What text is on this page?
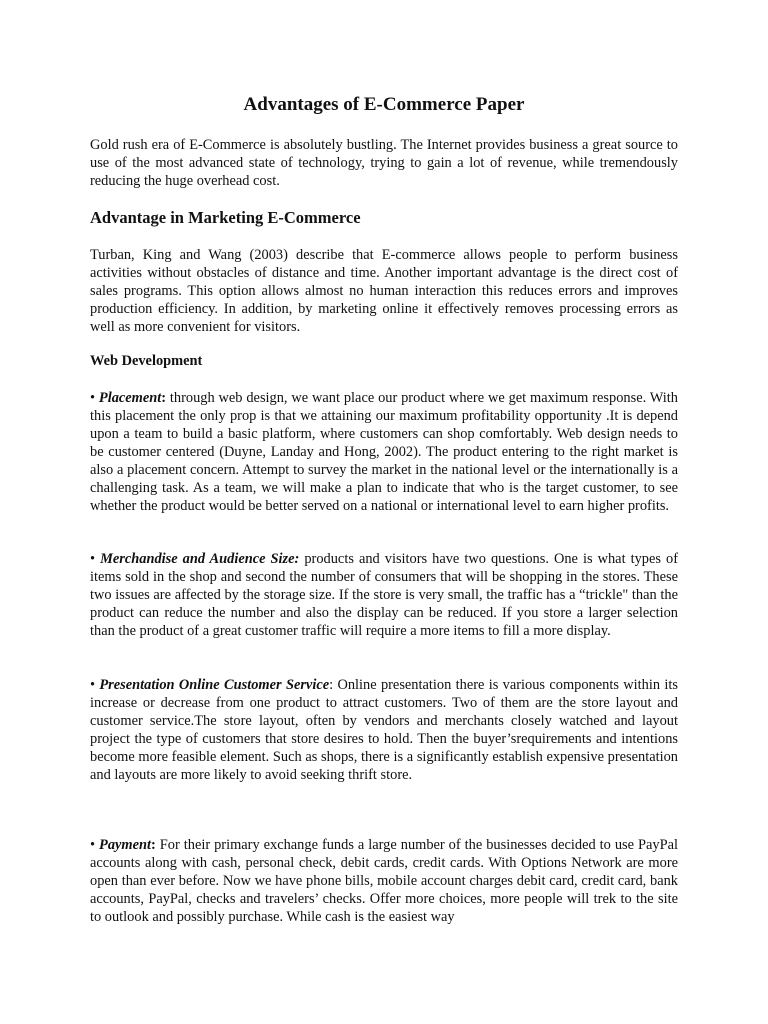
Advantages of E-Commerce Paper

Gold rush era of E-Commerce is absolutely bustling. The Internet provides business a great source to use of the most advanced state of technology, trying to gain a lot of revenue, while tremendously reducing the huge overhead cost.

Advantage in Marketing E-Commerce

Turban, King and Wang (2003) describe that E-commerce allows people to perform business activities without obstacles of distance and time. Another important advantage is the direct cost of sales programs. This option allows almost no human interaction this reduces errors and improves production efficiency. In addition, by marketing online it effectively removes processing errors as well as more convenient for visitors.

Web Development

• Placement: through web design, we want place our product where we get maximum response. With this placement the only prop is that we attaining our maximum profitability opportunity .It is depend upon a team to build a basic platform, where customers can shop comfortably. Web design needs to be customer centered (Duyne, Landay and Hong, 2002). The product entering to the right market is also a placement concern. Attempt to survey the market in the national level or the internationally is a challenging task. As a team, we will make a plan to indicate that who is the target customer, to see whether the product would be better served on a national or international level to earn higher profits.

• Merchandise and Audience Size: products and visitors have two questions. One is what types of items sold in the shop and second the number of consumers that will be shopping in the stores. These two issues are affected by the storage size. If the store is very small, the traffic has a “trickle" than the product can reduce the number and also the display can be reduced. If you store a larger selection than the product of a great customer traffic will require a more items to fill a more display.

• Presentation Online Customer Service: Online presentation there is various components within its increase or decrease from one product to attract customers. Two of them are the store layout and customer service.The store layout, often by vendors and merchants closely watched and layout project the type of customers that store desires to hold. Then the buyer’srequirements and intentions become more feasible element. Such as shops, there is a significantly establish expensive presentation and layouts are more likely to avoid seeking thrift store.

• Payment: For their primary exchange funds a large number of the businesses decided to use PayPal accounts along with cash, personal check, debit cards, credit cards. With Options Network are more open than ever before. Now we have phone bills, mobile account charges debit card, credit card, bank accounts, PayPal, checks and travelers’ checks. Offer more choices, more people will trek to the site to outlook and possibly purchase. While cash is the easiest way
